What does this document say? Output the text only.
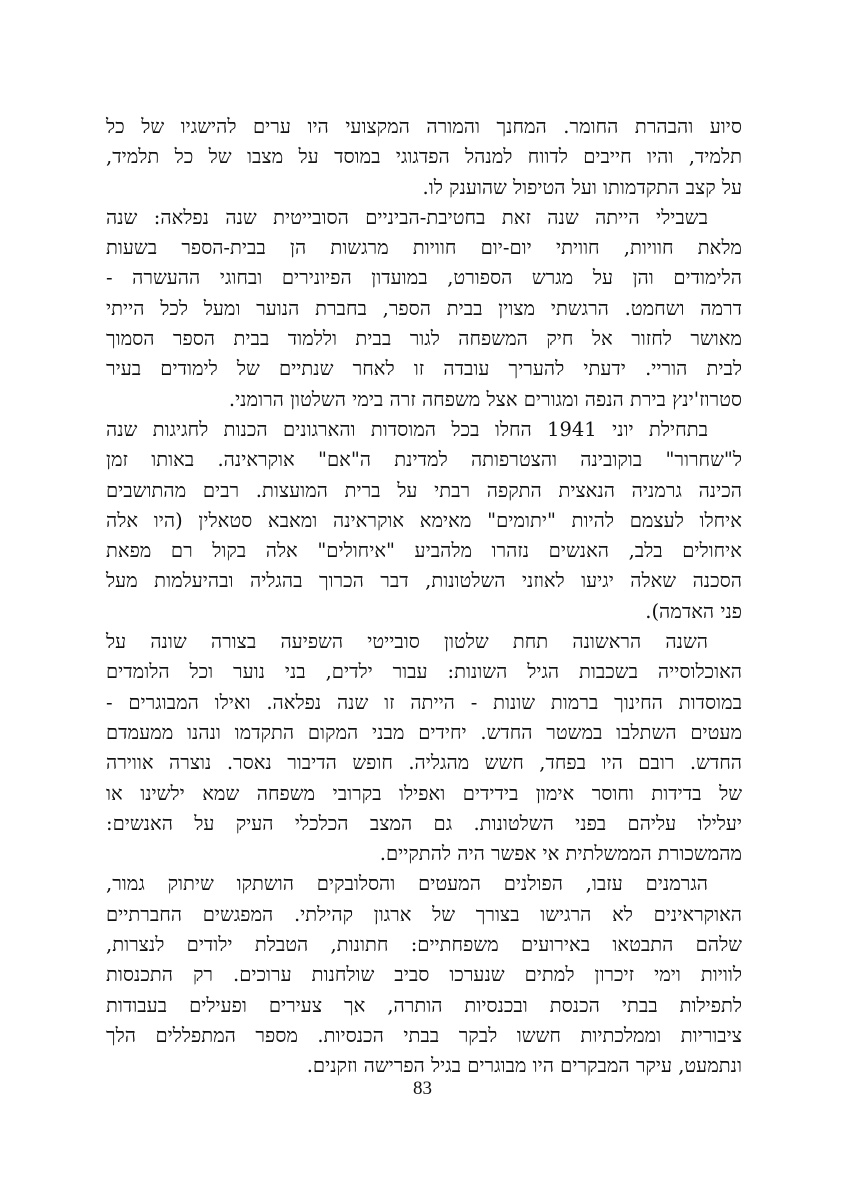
סיוע והבהרת החומר. המחנך והמורה המקצועי היו ערים להישגיו של כל
תלמיד, והיו חייבים לדווח למנהל הפדגוגי במוסד על מצבו של כל תלמיד,
על קצב התקדמותו ועל הטיפול שהוענק לו.
בשבילי הייתה שנה זאת בחטיבת-הביניים הסובייטית שנה נפלאה: שנה
מלאת חוויות, חוויתי יום-יום חוויות מרגשות הן בבית-הספר בשעות
הלימודים והן על מגרש הספורט, במועדון הפיונירים ובחוגי ההעשרה -
דרמה ושחמט. הרגשתי מצוין בבית הספר, בחברת הנוער ומעל לכל הייתי
מאושר לחזור אל חיק המשפחה לגור בבית וללמוד בבית הספר הסמוך
לבית הוריי. ידעתי להעריך עובדה זו לאחר שנתיים של לימודים בעיר
סטרוז'ינץ בירת הנפה ומגורים אצל משפחה זרה בימי השלטון הרומני.
בתחילת יוני 1941 החלו בכל המוסדות והארגונים הכנות לחגיגות שנה
ל"שחרור" בוקובינה והצטרפותה למדינת ה"אם" אוקראינה. באותו זמן
הכינה גרמניה הנאצית התקפה רבתי על ברית המועצות. רבים מהתושבים
איחלו לעצמם להיות "יתומים" מאימא אוקראינה ומאבא סטאלין (היו אלה
איחולים בלב, האנשים נזהרו מלהביע "איחולים" אלה בקול רם מפאת
הסכנה שאלה יגיעו לאוזני השלטונות, דבר הכרוך בהגליה ובהיעלמות מעל
פני האדמה).
השנה הראשונה תחת שלטון סובייטי השפיעה בצורה שונה על
האוכלוסייה בשכבות הגיל השונות: עבור ילדים, בני נוער וכל הלומדים
במוסדות החינוך ברמות שונות - הייתה זו שנה נפלאה. ואילו המבוגרים -
מעטים השתלבו במשטר החדש. יחידים מבני המקום התקדמו ונהנו ממעמדם
החדש. רובם היו בפחד, חשש מהגליה. חופש הדיבור נאסר. נוצרה אווירה
של בדידות וחוסר אימון בידידים ואפילו בקרובי משפחה שמא ילשינו או
יעלילו עליהם בפני השלטונות. גם המצב הכלכלי העיק על האנשים:
מהמשכורת הממשלתית אי אפשר היה להתקיים.
הגרמנים עזבו, הפולנים המעטים והסלובקים הושתקו שיתוק גמור,
האוקראינים לא הרגישו בצורך של ארגון קהילתי. המפגשים החברתיים
שלהם התבטאו באירועים משפחתיים: חתונות, הטבלת ילודים לנצרות,
לוויות וימי זיכרון למתים שנערכו סביב שולחנות ערוכים. רק התכנסות
לתפילות בבתי הכנסת ובכנסיות הותרה, אך צעירים ופעילים בעבודות
ציבוריות וממלכתיות חששו לבקר בבתי הכנסיות. מספר המתפללים הלך
ונתמעט, עיקר המבקרים היו מבוגרים בגיל הפרישה וזקנים.
83
